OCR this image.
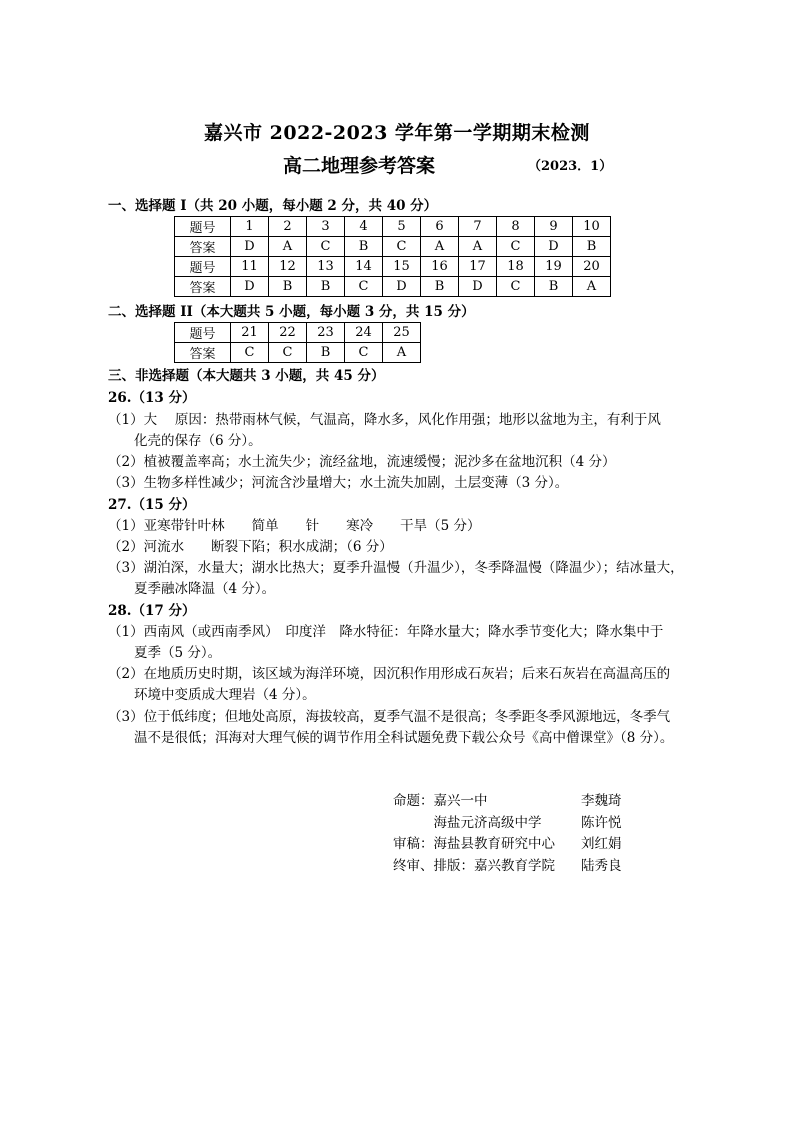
嘉兴市 2022-2023 学年第一学期期末检测
高二地理参考答案	（2023．1）
一、选择题 I（共 20 小题，每小题 2 分，共 40 分）
题号	1	2	3	4	5	6	7	8	9	10
答案	D	A	C	B	C	A	A	C	D	B
题号	11	12	13	14	15	16	17	18	19	20
答案	D	B	B	C	D	B	D	C	B	A
二、选择题 II（本大题共 5 小题，每小题 3 分，共 15 分）
题号	21	22	23	24	25
答案	C	C	B	C	A
三、非选择题（本大题共 3 小题，共 45 分）
26.（13 分）
（1）大　 原因：热带雨林气候，气温高，降水多，风化作用强；地形以盆地为主，有利于风
化壳的保存（6 分）。
（2）植被覆盖率高；水土流失少；流经盆地，流速缓慢；泥沙多在盆地沉积（4 分）
（3）生物多样性减少；河流含沙量增大；水土流失加剧，土层变薄（3 分）。
27.（15 分）
（1）亚寒带针叶林　　简单　　针　　寒冷　　干旱（5 分）
（2）河流水　　断裂下陷；积水成湖；（6 分）
（3）湖泊深，水量大；湖水比热大；夏季升温慢（升温少），冬季降温慢（降温少）；结冰量大，
夏季融冰降温（4 分）。
28.（17 分）
（1）西南风（或西南季风）　印度洋　降水特征：年降水量大；降水季节变化大；降水集中于
夏季（5 分）。
（2）在地质历史时期，该区域为海洋环境，因沉积作用形成石灰岩；后来石灰岩在高温高压的
环境中变质成大理岩（4 分）。
（3）位于低纬度；但地处高原，海拔较高，夏季气温不是很高；冬季距冬季风源地远，冬季气
温不是很低；洱海对大理气候的调节作用全科试题免费下载公众号《高中僧课堂》（8 分）。
命题：嘉兴一中	李魏琦
　　　海盐元济高级中学	陈许悦
审稿：海盐县教育研究中心 刘红娟
终审、排版：嘉兴教育学院 陆秀良
